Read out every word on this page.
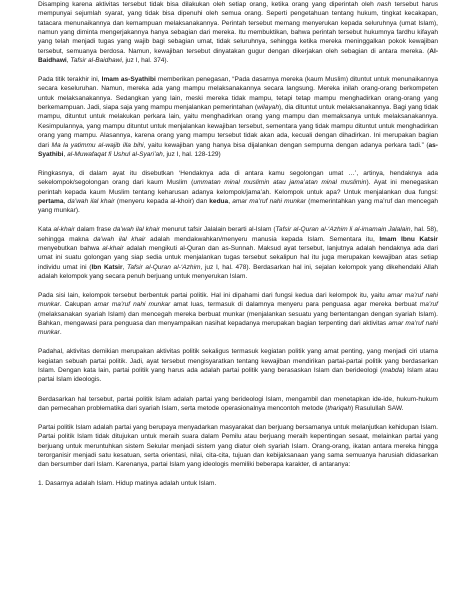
Disamping karena aktivitas tersebut tidak bisa dilakukan oleh setiap orang, ketika orang yang diperintah oleh nash tersebut harus mempunyai sejumlah syarat, yang tidak bisa dipenuhi oleh semua orang. Seperti pengetahuan tentang hukum, tingkat kecakapan, tatacara menunaikannya dan kemampuan melaksanakannya. Perintah tersebut memang menyerukan kepada seluruhnya (umat Islam), namun yang diminta mengerjakannya hanya sebagian dari mereka. Itu membuktikan, bahwa perintah tersebut hukumnya fardhu kifayah yang telah menjadi tugas yang wajib bagi sebagian umat, tidak seluruhnya, sehingga ketika mereka meninggalkan pokok kewajiban tersebut, semuanya berdosa. Namun, kewajiban tersebut dinyatakan gugur dengan dikerjakan oleh sebagian di antara mereka. (Al-Baidhawi, Tafsir al-Baidhawi, juz I, hal. 374).

Pada titik terakhir ini, Imam as-Syathibi memberikan penegasan, “Pada dasarnya mereka (kaum Muslim) dituntut untuk menunaikannya secara keseluruhan. Namun, mereka ada yang mampu melaksanakannya secara langsung. Mereka inilah orang-orang berkompeten untuk melaksanakannya. Sedangkan yang lain, meski mereka tidak mampu, tetapi tetap mampu menghadirkan orang-orang yang berkemampuan. Jadi, siapa saja yang mampu menjalankan pemerintahan (wilayah), dia dituntut untuk melaksanakannya. Bagi yang tidak mampu, dituntut untuk melakukan perkara lain, yaitu menghadirkan orang yang mampu dan memaksanya untuk melaksanakannya. Kesimpulannya, yang mampu dituntut untuk menjalankan kewajiban tersebut, sementara yang tidak mampu dituntut untuk menghadirkan orang yang mampu. Alasannya, karena orang yang mampu tersebut tidak akan ada, kecuali dengan dihadirkan. Ini merupakan bagian dari Ma la yatimmu al-wajib illa bihi, yaitu kewajiban yang hanya bisa dijalankan dengan sempurna dengan adanya perkara tadi.” (as-Syathibi, al-Muwafaqat fi Ushul al-Syari’ah, juz I, hal. 128-129)

Ringkasnya, di dalam ayat itu disebutkan ‘Hendaknya ada di antara kamu segolongan umat …’, artinya, hendaknya ada sekelompok/segolongan orang dari kaum Muslim (ummatan minal muslimin atau jama’atan minal muslimin). Ayat ini menegaskan perintah kepada kaum Muslim tentang keharusan adanya kelompok/jama’ah. Kelompok untuk apa? Untuk menjalankan dua fungsi: pertama, da’wah ilal khair (menyeru kepada al-khoir) dan kedua, amar ma’ruf nahi munkar (memerintahkan yang ma’ruf dan mencegah yang munkar).

Kata al-khair dalam frase da’wah ilal khair menurut tafsir Jalalain berarti al-Islam (Tafsir al-Quran al-‘Azhim li al-imamain Jalalain, hal. 58), sehingga makna da’wah ilal khair adalah mendakwahkan/menyeru manusia kepada Islam. Sementara itu, Imam Ibnu Katsir menyebutkan bahwa al-khair adalah mengikuti al-Quran dan as-Sunnah. Maksud ayat tersebut, lanjutnya adalah hendaknya ada dari umat ini suatu golongan yang siap sedia untuk menjalankan tugas tersebut sekalipun hal itu juga merupakan kewajiban atas setiap individu umat ini (Ibn Katsir, Tafsir al-Quran al-‘Azhim, juz I, hal. 478). Berdasarkan hal ini, sejalan kelompok yang dikehendaki Allah adalah kelompok yang secara penuh berjuang untuk menyerukan Islam.

Pada sisi lain, kelompok tersebut berbentuk partai politik. Hal ini dipahami dari fungsi kedua dari kelompok itu, yaitu amar ma’ruf nahi munkar. Cakupan amar ma’ruf nahi munkar amat luas, termasuk di dalamnya menyeru para penguasa agar mereka berbuat ma’ruf (melaksanakan syariah Islam) dan mencegah mereka berbuat munkar (menjalankan sesuatu yang bertentangan dengan syariah Islam). Bahkan, mengawasi para penguasa dan menyampaikan nasihat kepadanya merupakan bagian terpenting dari aktivitas amar ma’ruf nahi munkar.

Padahal, aktivitas demikian merupakan aktivitas politik sekaligus termasuk kegiatan politik yang amat penting, yang menjadi ciri utama kegiatan sebuah partai politik. Jadi, ayat tersebut mengisyaratkan tentang kewajiban mendirikan partai-partai politik yang berdasarkan Islam. Dengan kata lain, partai politik yang harus ada adalah partai politik yang berasaskan Islam dan berideologi (mabda) Islam atau partai Islam ideologis.

Berdasarkan hal tersebut, partai politik Islam adalah partai yang berideologi Islam, mengambil dan menetapkan ide-ide, hukum-hukum dan pemecahan problematika dari syariah Islam, serta metode operasionalnya mencontoh metode (thariqah) Rasulullah SAW.

Partai politik Islam adalah partai yang berupaya menyadarkan masyarakat dan berjuang bersamanya untuk melanjutkan kehidupan Islam. Partai politik Islam tidak ditujukan untuk meraih suara dalam Pemilu atau berjuang meraih kepentingan sesaat, melainkan partai yang berjuang untuk meruntuhkan sistem Sekular menjadi sistem yang diatur oleh syariah Islam. Orang-orang, ikatan antara mereka hingga terorganisir menjadi satu kesatuan, serta orientasi, nilai, cita-cita, tujuan dan kebijaksanaan yang sama semuanya harusiah didasarkan dan bersumber dari Islam. Karenanya, partai Islam yang ideologis memiliki beberapa karakter, di antaranya:

1. Dasarnya adalah Islam. Hidup matinya adalah untuk Islam.
